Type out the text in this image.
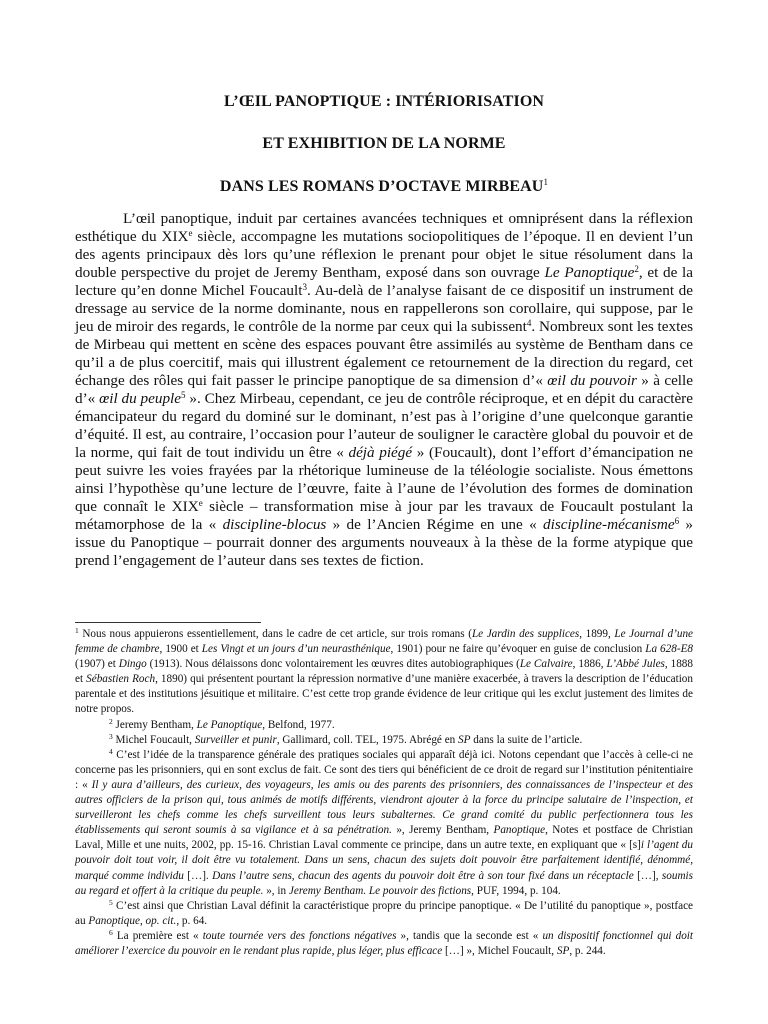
L’ŒIL PANOPTIQUE : INTÉRIORISATION
ET EXHIBITION DE LA NORME
DANS LES ROMANS D’OCTAVE MIRBEAU$^1$

L’œil panoptique, induit par certaines avancées techniques et omniprésent dans la réflexion esthétique du XIXe siècle, accompagne les mutations sociopolitiques de l’époque. Il en devient l’un des agents principaux dès lors qu’une réflexion le prenant pour objet le situe résolument dans la double perspective du projet de Jeremy Bentham, exposé dans son ouvrage Le Panoptique$^2$, et de la lecture qu’en donne Michel Foucault$^3$. Au-delà de l’analyse faisant de ce dispositif un instrument de dressage au service de la norme dominante, nous en rappellerons son corollaire, qui suppose, par le jeu de miroir des regards, le contrôle de la norme par ceux qui la subissent$^4$. Nombreux sont les textes de Mirbeau qui mettent en scène des espaces pouvant être assimilés au système de Bentham dans ce qu’il a de plus coercitif, mais qui illustrent également ce retournement de la direction du regard, cet échange des rôles qui fait passer le principe panoptique de sa dimension d’« œil du pouvoir » à celle d’« œil du peuple$^5$ ». Chez Mirbeau, cependant, ce jeu de contrôle réciproque, et en dépit du caractère émancipateur du regard du dominé sur le dominant, n’est pas à l’origine d’une quelconque garantie d’équité. Il est, au contraire, l’occasion pour l’auteur de souligner le caractère global du pouvoir et de la norme, qui fait de tout individu un être « déjà piégé » (Foucault), dont l’effort d’émancipation ne peut suivre les voies frayées par la rhétorique lumineuse de la téléologie socialiste. Nous émettons ainsi l’hypothèse qu’une lecture de l’œuvre, faite à l’aune de l’évolution des formes de domination que connaît le XIXe siècle – transformation mise à jour par les travaux de Foucault postulant la métamorphose de la « discipline-blocus » de l’Ancien Régime en une « discipline-mécanisme$^6$ » issue du Panoptique – pourrait donner des arguments nouveaux à la thèse de la forme atypique que prend l’engagement de l’auteur dans ses textes de fiction.

$^1$ Nous nous appuierons essentiellement, dans le cadre de cet article, sur trois romans (Le Jardin des supplices, 1899, Le Journal d’une femme de chambre, 1900 et Les Vingt et un jours d’un neurasthénique, 1901) pour ne faire qu’évoquer en guise de conclusion La 628-E8 (1907) et Dingo (1913). Nous délaissons donc volontairement les œuvres dites autobiographiques (Le Calvaire, 1886, L’Abbé Jules, 1888 et Sébastien Roch, 1890) qui présentent pourtant la répression normative d’une manière exacerbée, à travers la description de l’éducation parentale et des institutions jésuitique et militaire. C’est cette trop grande évidence de leur critique qui les exclut justement des limites de notre propos.

$^2$ Jeremy Bentham, Le Panoptique, Belfond, 1977.

$^3$ Michel Foucault, Surveiller et punir, Gallimard, coll. TEL, 1975. Abrégé en SP dans la suite de l’article.

$^4$ C’est l’idée de la transparence générale des pratiques sociales qui apparaît déjà ici. Notons cependant que l’accès à celle-ci ne concerne pas les prisonniers, qui en sont exclus de fait. Ce sont des tiers qui bénéficient de ce droit de regard sur l’institution pénitentiaire : « Il y aura d’ailleurs, des curieux, des voyageurs, les amis ou des parents des prisonniers, des connaissances de l’inspecteur et des autres officiers de la prison qui, tous animés de motifs différents, viendront ajouter à la force du principe salutaire de l’inspection, et surveilleront les chefs comme les chefs surveillent tous leurs subalternes. Ce grand comité du public perfectionnera tous les établissements qui seront soumis à sa vigilance et à sa pénétration. », Jeremy Bentham, Panoptique, Notes et postface de Christian Laval, Mille et une nuits, 2002, pp. 15-16. Christian Laval commente ce principe, dans un autre texte, en expliquant que « [s]i l’agent du pouvoir doit tout voir, il doit être vu totalement. Dans un sens, chacun des sujets doit pouvoir être parfaitement identifié, dénommé, marqué comme individu […]. Dans l’autre sens, chacun des agents du pouvoir doit être à son tour fixé dans un réceptacle […], soumis au regard et offert à la critique du peuple. », in Jeremy Bentham. Le pouvoir des fictions, PUF, 1994, p. 104.

$^5$ C’est ainsi que Christian Laval définit la caractéristique propre du principe panoptique. « De l’utilité du panoptique », postface au Panoptique, op. cit., p. 64.

$^6$ La première est « toute tournée vers des fonctions négatives », tandis que la seconde est « un dispositif fonctionnel qui doit améliorer l’exercice du pouvoir en le rendant plus rapide, plus léger, plus efficace […] », Michel Foucault, SP, p. 244.
